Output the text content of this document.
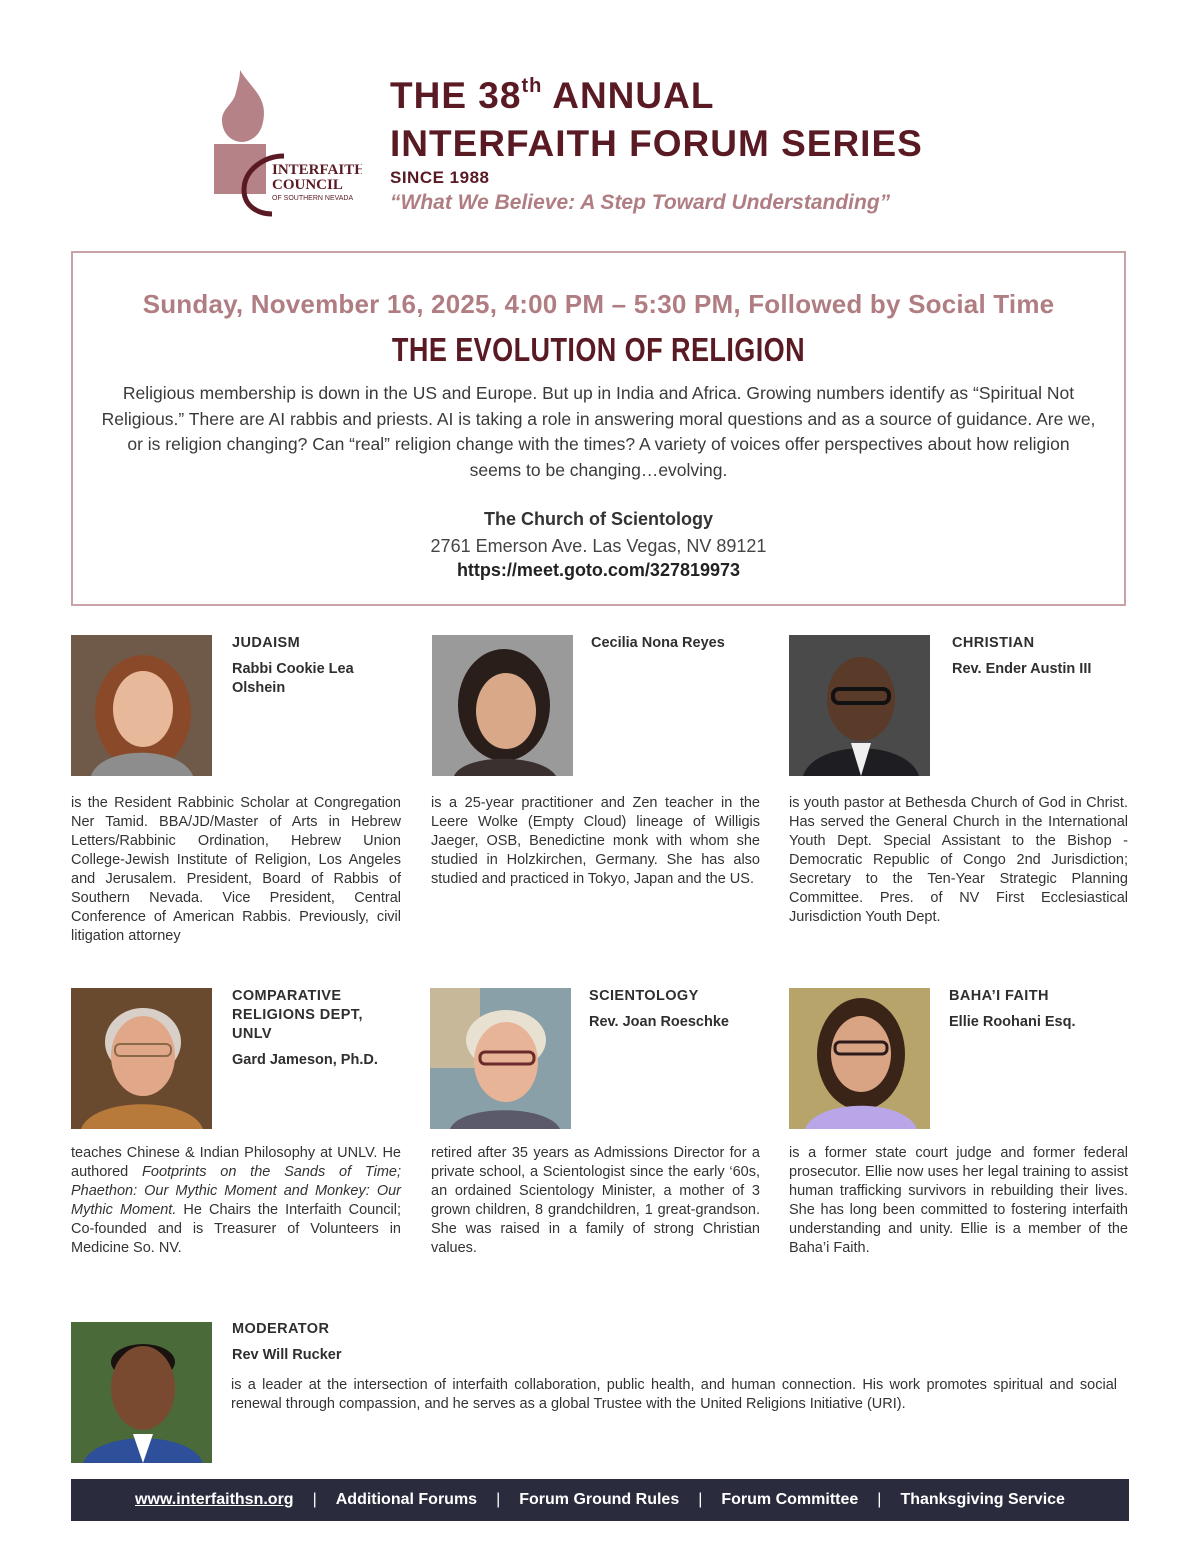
INTERFAITH
COUNCIL
OF SOUTHERN NEVADA
THE 38th ANNUAL
INTERFAITH FORUM SERIES
SINCE 1988
“What We Believe: A Step Toward Understanding”
Sunday, November 16, 2025, 4:00 PM – 5:30 PM, Followed by Social Time
THE EVOLUTION OF RELIGION

Religious membership is down in the US and Europe. But up in India and Africa. Growing numbers identify as “Spiritual Not Religious.” There are AI rabbis and priests. AI is taking a role in answering moral questions and as a source of guidance. Are we, or is religion changing? Can “real” religion change with the times? A variety of voices offer perspectives about how religion seems to be changing…evolving.

The Church of Scientology
2761 Emerson Ave. Las Vegas, NV 89121
https://meet.goto.com/327819973
JUDAISM
Rabbi Cookie Lea Olshein

is the Resident Rabbinic Scholar at Congregation Ner Tamid. BBA/JD/Master of Arts in Hebrew Letters/Rabbinic Ordination, Hebrew Union College-Jewish Institute of Religion, Los Angeles and Jerusalem. President, Board of Rabbis of Southern Nevada. Vice President, Central Conference of American Rabbis. Previously, civil litigation attorney

Cecilia Nona Reyes

is a 25-year practitioner and Zen teacher in the Leere Wolke (Empty Cloud) lineage of Willigis Jaeger, OSB, Benedictine monk with whom she studied in Holzkirchen, Germany. She has also studied and practiced in Tokyo, Japan and the US.

CHRISTIAN
Rev. Ender Austin III

is youth pastor at Bethesda Church of God in Christ. Has served the General Church in the International Youth Dept. Special Assistant to the Bishop - Democratic Republic of Congo 2nd Jurisdiction; Secretary to the Ten-Year Strategic Planning Committee. Pres. of NV First Ecclesiastical Jurisdiction Youth Dept.

COMPARATIVE RELIGIONS DEPT, UNLV
Gard Jameson, Ph.D.

teaches Chinese & Indian Philosophy at UNLV. He authored Footprints on the Sands of Time; Phaethon: Our Mythic Moment and Monkey: Our Mythic Moment. He Chairs the Interfaith Council; Co-founded and is Treasurer of Volunteers in Medicine So. NV.

SCIENTOLOGY
Rev. Joan Roeschke

retired after 35 years as Admissions Director for a private school, a Scientologist since the early ‘60s, an ordained Scientology Minister, a mother of 3 grown children, 8 grandchildren, 1 great-grandson. She was raised in a family of strong Christian values.

BAHA’I FAITH
Ellie Roohani Esq.

is a former state court judge and former federal prosecutor. Ellie now uses her legal training to assist human trafficking survivors in rebuilding their lives. She has long been committed to fostering interfaith understanding and unity. Ellie is a member of the Baha’i Faith.

MODERATOR
Rev Will Rucker

is a leader at the intersection of interfaith collaboration, public health, and human connection. His work promotes spiritual and social renewal through compassion, and he serves as a global Trustee with the United Religions Initiative (URI).

www.interfaithsn.org | Additional Forums | Forum Ground Rules | Forum Committee | Thanksgiving Service
